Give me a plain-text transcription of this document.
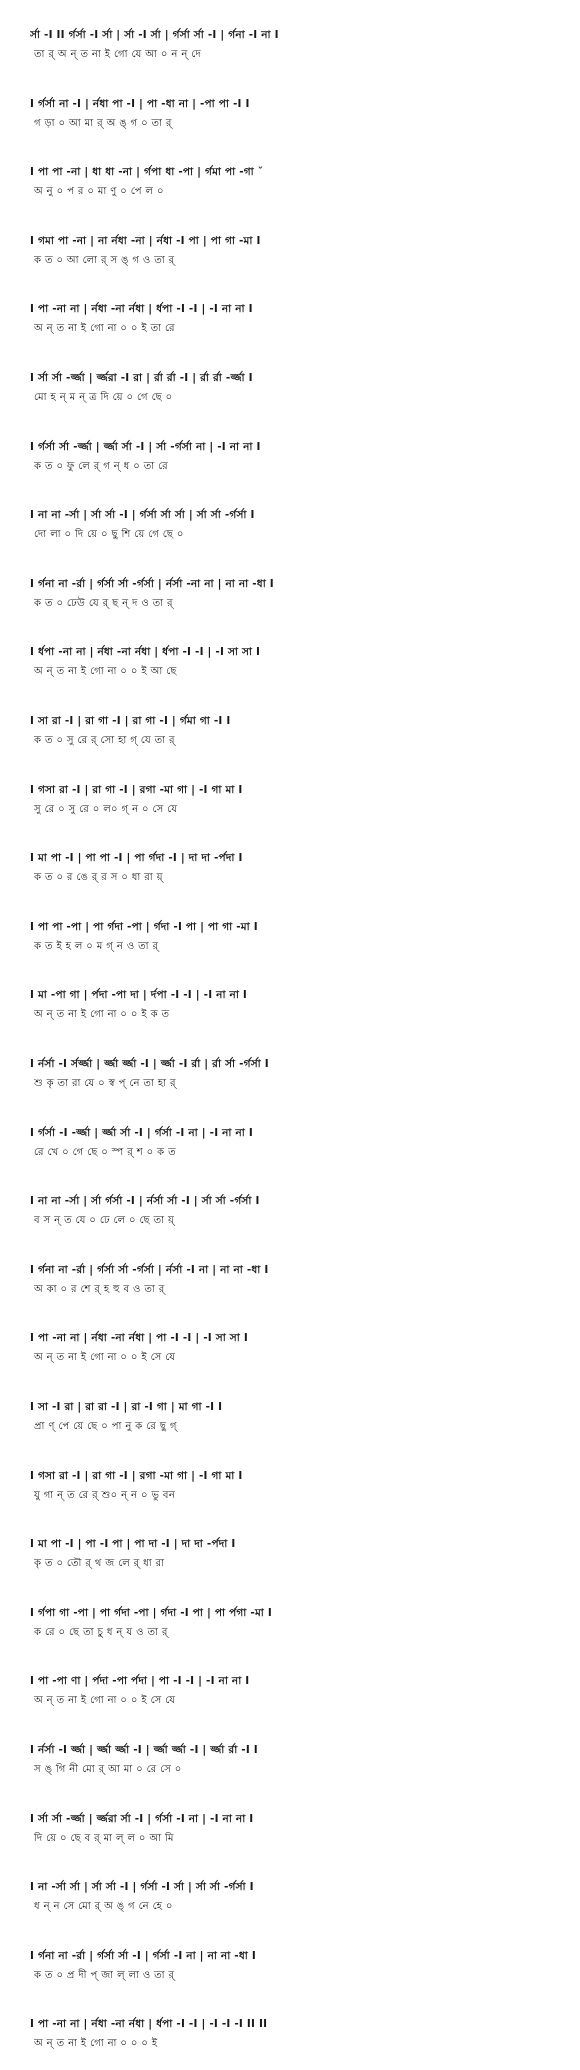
র্সা -I II র্গর্সা -I র্সা | র্সা -I র্সা | র্গর্সা র্সা -I | র্গনা -I না I
তা র্ অ ন্ ত না ই গো যে আ ০ ন ন্ দে
I র্গর্সা না -I | র্নধা পা -I | পা -ধা না | -পা পা -I I
গ ড়া ০ আ মা র্ অ ঙ্ গ ০ তা র্
I পা পা -না | ধা ধা -না | র্গপা ধা -পা | র্গমা পা -গা ˇ
অ নু ০ প র ০ মা ণু ০ পে ল ০
I গমা পা -না | না র্নধা -না | র্নধা -I পা | পা গা -মা I
ক ত ০ আ লো র্ স ঙ্ গ ও তা র্
I পা -না না | র্নধা -না র্নধা | র্ধপা -I -I | -I না না I
অ ন্ ত না ই গো না ০ ০ ই তা রে
I র্সা র্সা -র্জ্জা | র্জ্জরা -I রা | র্রা র্রা -I | র্রা র্রা -র্জ্জা I
মো হ ন্ ম ন্ ত্র দি য়ে ০ গে ছে ০
I র্গর্সা র্সা -র্জ্জা | র্জ্জা র্সা -I | র্সা -র্গর্সা না | -I না না I
ক ত ০ ফু লে র্ গ ন্ ধ ০ তা রে
I না না -র্সা | র্সা র্সা -I | র্গর্সা র্সা র্সা | র্সা র্সা -র্গর্সা I
দো লা ০ দি য়ে ০ ছু শি য়ে গে ছে ০
I র্গনা না -র্রা | র্গর্সা র্সা -র্গর্সা | র্নর্সা -না না | না না -ধা I
ক ত ০ ঢেউ যে র্ ছ ন্ দ ও তা র্
I র্ধপা -না না | র্নধা -না র্নধা | র্ধপা -I -I | -I সা সা I
অ ন্ ত না ই গো না ০ ০ ই আ ছে
I সা রা -I | রা গা -I | রা গা -I | র্গমা গা -I I
ক ত ০ সু রে র্ সো হা গ্ যে তা র্
I গসা রা -I | রা গা -I | রগা -মা গা | -I গা মা I
সু রে ০ সু রে ০ ল০ গ্ ন ০ সে যে
I মা পা -I | পা পা -I | পা র্গদা -I | দা দা -র্পদা I
ক ত ০ র ঙে র্ র স ০ ধা রা য়্
I পা পা -পা | পা র্গদা -পা | র্গদা -I পা | পা গা -মা I
ক ত ই হ ল ০ ম গ্ ন ও তা র্
I মা -পা গা | র্পদা -পা দা | র্দপা -I -I | -I না না I
অ ন্ ত না ই গো না ০ ০ ই ক ত
I র্নর্সা -I র্সর্জ্জা | র্জ্জা র্জ্জা -I | র্জ্জা -I র্রা | র্রা র্সা -র্গর্সা I
শু কৃ তা রা যে ০ স্ব প্ নে তা হা র্
I র্গর্সা -I -র্জ্জা | র্জ্জা র্সা -I | র্গর্সা -I না | -I না না I
রে খে ০ গে ছে ০ স্প র্ শ ০ ক ত
I না না -র্সা | র্সা র্গর্সা -I | র্নর্সা র্সা -I | র্সা র্সা -র্গর্সা I
ব স ন্ ত যে ০ ঢে লে ০ ছে তা য়্
I র্গনা না -র্রা | র্গর্সা র্সা -র্গর্সা | র্নর্সা -I না | না না -ধা I
অ কা ০ র শে র্ হ হু ব ও তা র্
I পা -না না | র্নধা -না র্নধা | পা -I -I | -I সা সা I
অ ন্ ত না ই গো না ০ ০ ই সে যে
I সা -I রা | রা রা -I | রা -I গা | মা গা -I I
প্রা ণ্ পে য়ে ছে ০ পা নু ক রে ছু গ্
I গসা রা -I | রা গা -I | রগা -মা গা | -I গা মা I
যু গা ন্ ত রে র্ শু০ ন্ ন ০ ভু বন
I মা পা -I | পা -I পা | পা দা -I | দা দা -র্পদা I
কৃ ত ০ তৌ র্ থ জ লে র্ ধা রা
I র্গপা গা -পা | পা র্গদা -পা | র্গদা -I পা | পা র্পগা -মা I
ক রে ০ ছে তা চু্ ধ ন্ য ও তা র্
I পা -পা ণা | র্পদা -পা র্পদা | পা -I -I | -I না না I
অ ন্ ত না ই গো না ০ ০ ই সে যে
I র্নর্সা -I র্জ্জা | র্জ্জা র্জ্জা -I | র্জ্জা র্জ্জা -I | র্জ্জা র্রা -I I
স ঙ্ গি নী মো র্ আ মা ০ রে সে ০
I র্সা র্সা -র্জ্জা | র্জ্জরা র্সা -I | র্গর্সা -I না | -I না না I
দি য়ে ০ ছে ব র্ মা ল্ ল ০ আ মি
I না -র্সা র্সা | র্সা র্সা -I | র্গর্সা -I র্সা | র্সা র্সা -র্গর্সা I
ধ ন্ ন সে মো র্ অ ঙ্ গ নে হে ০
I র্গনা না -র্রা | র্গর্সা র্সা -I | র্গর্সা -I না | না না -ধা I
ক ত ০ প্র দী প্ জা ল্ লা ও তা র্
I পা -না না | র্নধা -না র্নধা | র্ধপা -I -I | -I -I -I II II
অ ন্ ত না ই গো না ০ ০ ০ ই
